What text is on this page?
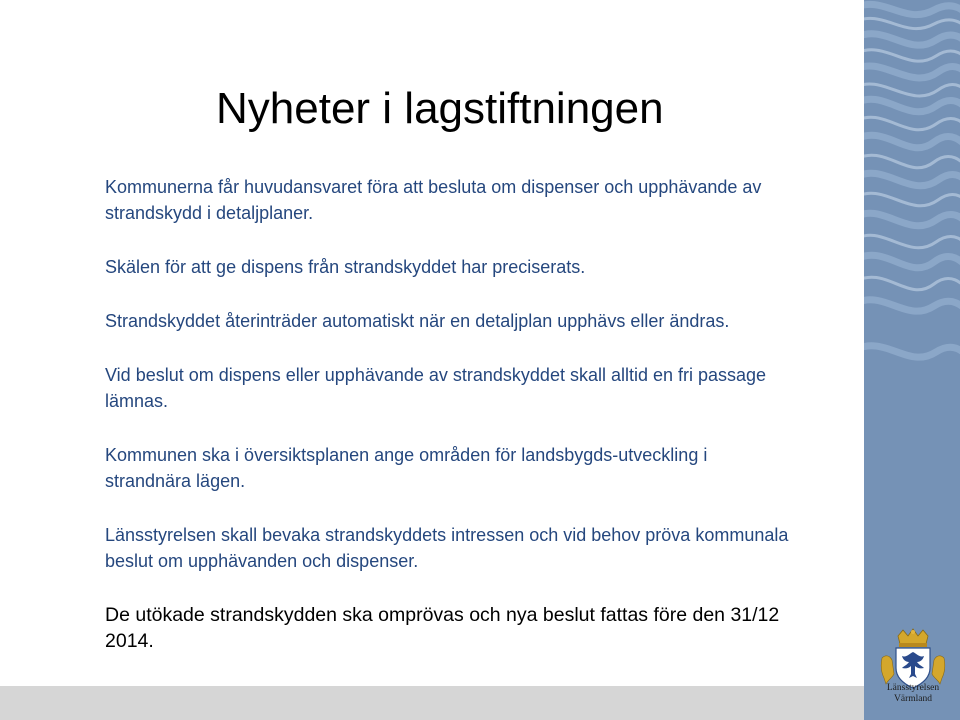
Nyheter i lagstiftningen
Kommunerna får huvudansvaret föra att besluta om dispenser och upphävande av strandskydd i detaljplaner.
Skälen för att ge dispens från strandskyddet har preciserats.
Strandskyddet återinträder automatiskt när en detaljplan upphävs eller ändras.
Vid beslut om dispens eller upphävande av strandskyddet skall alltid en fri passage lämnas.
Kommunen ska i översiktsplanen ange områden för landsbygds-utveckling i strandnära lägen.
Länsstyrelsen skall bevaka strandskyddets intressen och vid behov pröva kommunala beslut om upphävanden och dispenser.
De utökade strandskydden ska omprövas och nya beslut fattas före den 31/12 2014.
Länsstyrelsen
Värmland
